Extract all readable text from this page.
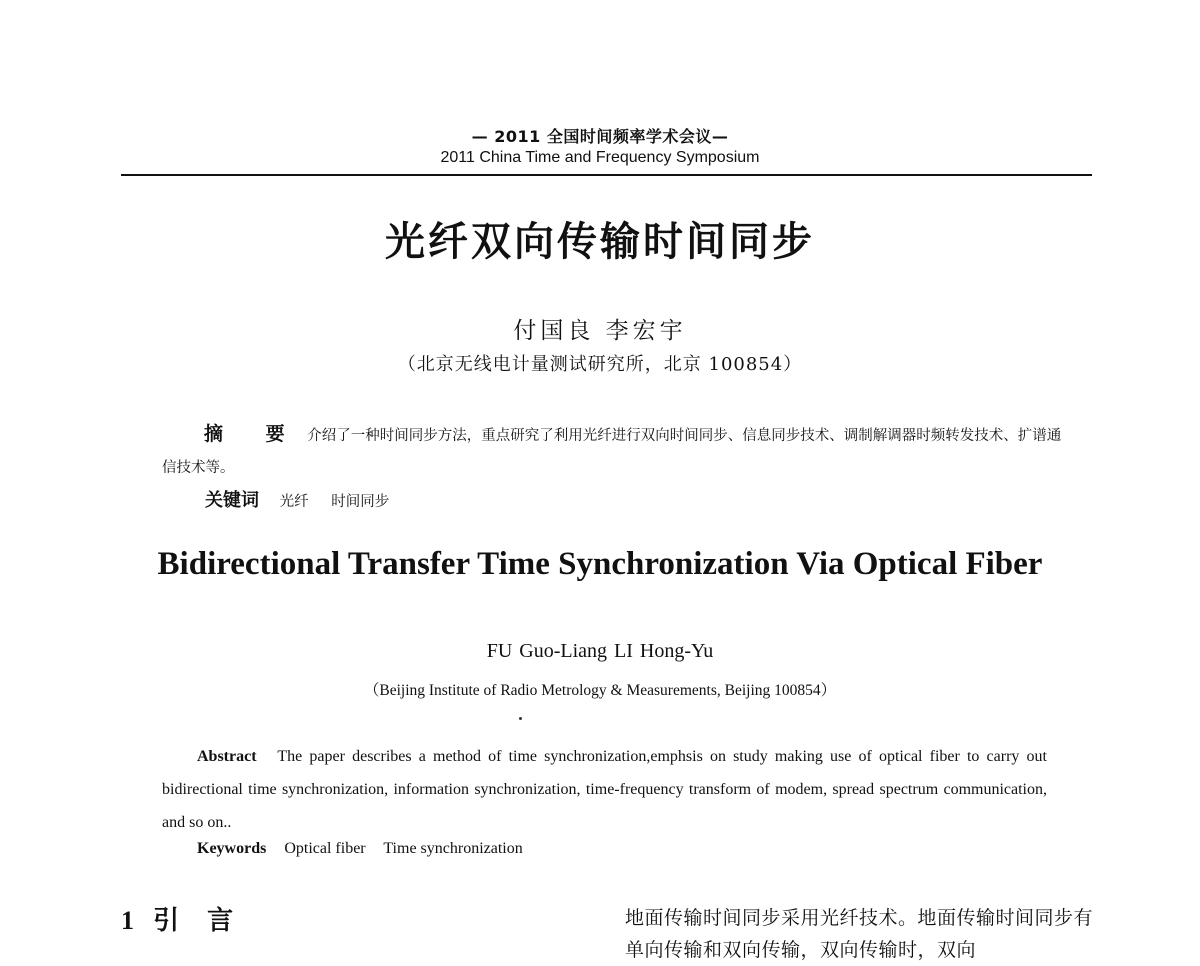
— 2011 全国时间频率学术会议—
2011 China Time and Frequency Symposium
光纤双向传输时间同步
付国良 李宏宇
（北京无线电计量测试研究所，北京 100854）
摘 要 介绍了一种时间同步方法，重点研究了利用光纤进行双向时间同步、信息同步技术、调制解调器时频转发技术、扩谱通信技术等。
关键词 光纤 时间同步
Bidirectional Transfer Time Synchronization Via Optical Fiber
FU Guo-Liang LI Hong-Yu
（Beijing Institute of Radio Metrology & Measurements, Beijing 100854）
Abstract The paper describes a method of time synchronization,emphsis on study making use of optical fiber to carry out bidirectional time synchronization, information synchronization, time-frequency transform of modem, spread spectrum communication, and so on..
Keywords Optical fiber Time synchronization
1 引言	地面传输时间同步采用光纤技术。地面传输时间同步有单向传输和双向传输，双向传输时，双向
